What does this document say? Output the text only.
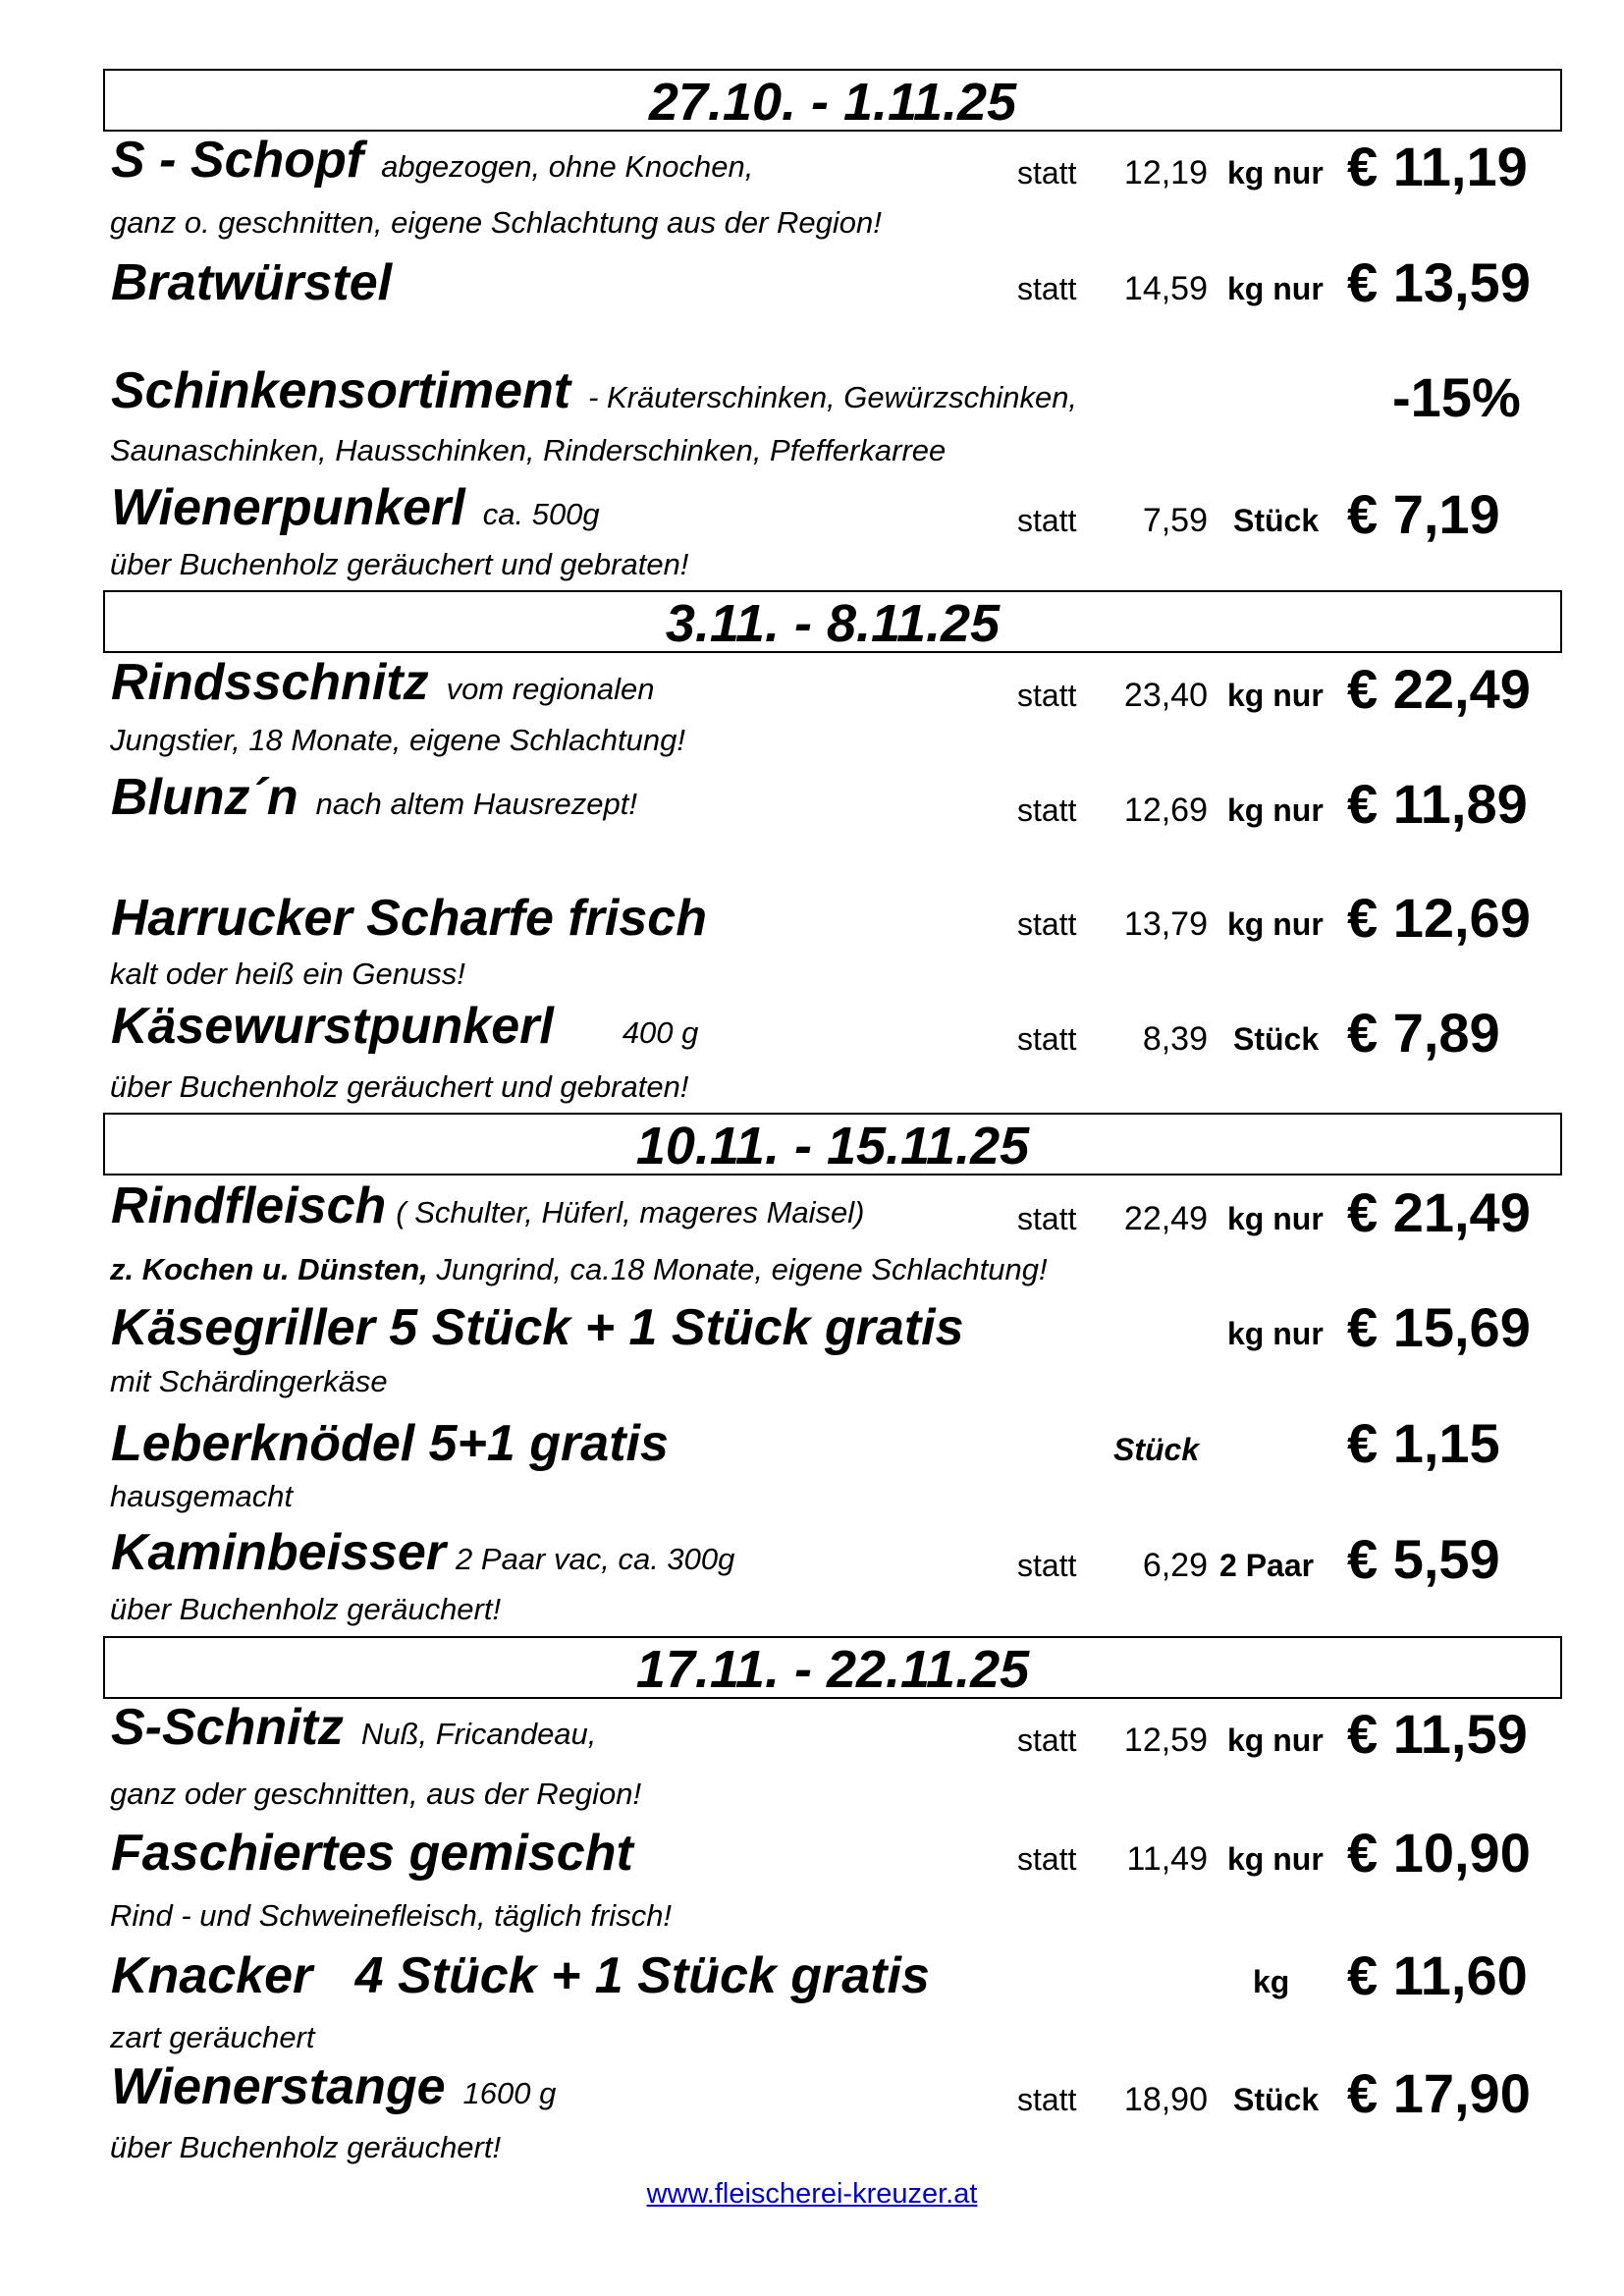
27.10. - 1.11.25
S - Schopf abgezogen, ohne Knochen,	statt 12,19 kg nur € 11,19
ganz o. geschnitten, eigene Schlachtung aus der Region!
Bratwürstel	statt 14,59 kg nur € 13,59
Schinkensortiment - Kräuterschinken, Gewürzschinken,	-15%
Saunaschinken, Hausschinken, Rinderschinken, Pfefferkarree
Wienerpunkerl ca. 500g	statt 7,59 Stück € 7,19
über Buchenholz geräuchert und gebraten!
3.11. - 8.11.25
Rindsschnitz vom regionalen	statt 23,40 kg nur € 22,49
Jungstier, 18 Monate, eigene Schlachtung!
Blunz´n nach altem Hausrezept!	statt 12,69 kg nur € 11,89
Harrucker Scharfe frisch	statt 13,79 kg nur € 12,69
kalt oder heiß ein Genuss!
Käsewurstpunkerl 400 g	statt 8,39 Stück € 7,89
über Buchenholz geräuchert und gebraten!
10.11. - 15.11.25
Rindfleisch ( Schulter, Hüferl, mageres Maisel)	statt 22,49 kg nur € 21,49
z. Kochen u. Dünsten, Jungrind, ca.18 Monate, eigene Schlachtung!
Käsegriller 5 Stück + 1 Stück gratis	kg nur € 15,69
mit Schärdingerkäse
Leberknödel 5+1 gratis	Stück	€ 1,15
hausgemacht
Kaminbeisser 2 Paar vac, ca. 300g	statt 6,29 2 Paar € 5,59
über Buchenholz geräuchert!
17.11. - 22.11.25
S-Schnitz Nuß, Fricandeau,	statt 12,59 kg nur € 11,59
ganz oder geschnitten, aus der Region!
Faschiertes gemischt	statt 11,49 kg nur € 10,90
Rind - und Schweinefleisch, täglich frisch!
Knacker   4 Stück + 1 Stück gratis	kg € 11,60
zart geräuchert
Wienerstange 1600 g	statt 18,90 Stück € 17,90
über Buchenholz geräuchert!
www.fleischerei-kreuzer.at
